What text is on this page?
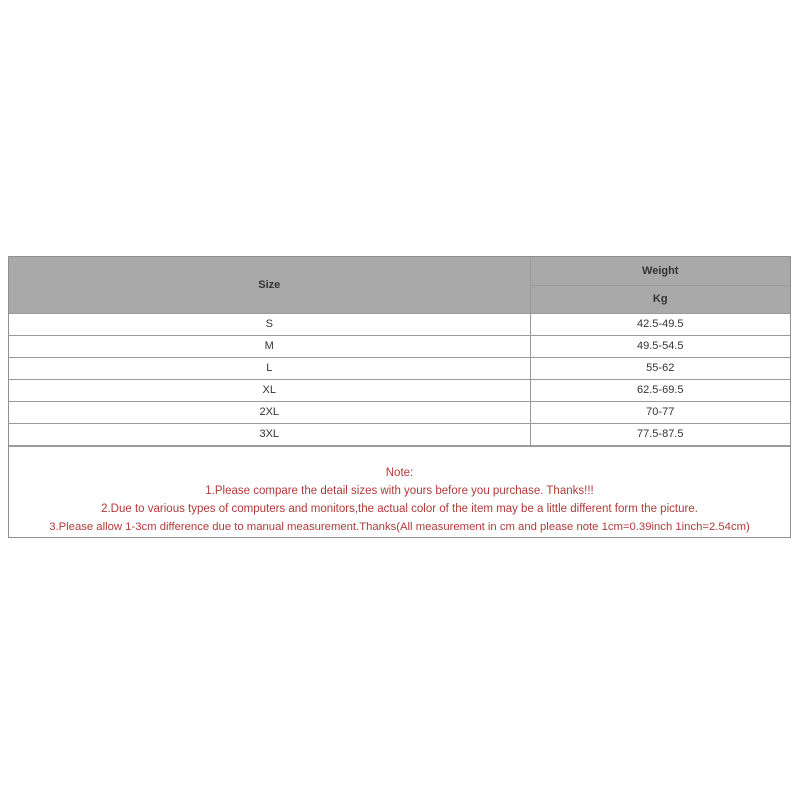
Size	Weight
	Kg
S	42.5-49.5
M	49.5-54.5
L	55-62
XL	62.5-69.5
2XL	70-77
3XL	77.5-87.5
Note:
1.Please compare the detail sizes with yours before you purchase. Thanks!!!
2.Due to various types of computers and monitors,the actual color of the item may be a little different form the picture.
3.Please allow 1-3cm difference due to manual measurement.Thanks(All measurement in cm and please note 1cm=0.39inch 1inch=2.54cm)
